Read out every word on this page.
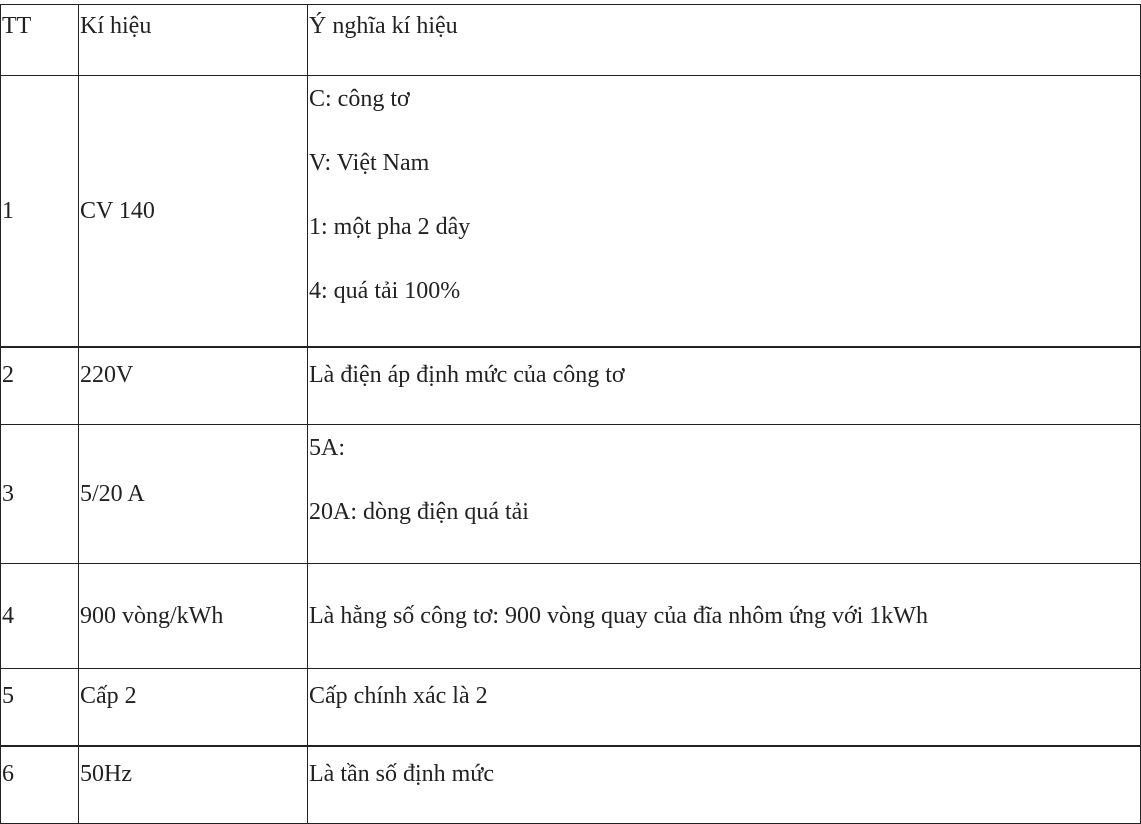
TT	Kí hiệu	Ý nghĩa kí hiệu
1	CV 140	C: công tơ
V: Việt Nam
1: một pha 2 dây
4: quá tải 100%

2	220V	Là điện áp định mức của công tơ
3	5/20 A	5A:
20A: dòng điện quá tải

4	900 vòng/kWh	Là hằng số công tơ: 900 vòng quay của đĩa nhôm ứng với 1kWh

5	Cấp 2	Cấp chính xác là 2
6	50Hz	Là tần số định mức
